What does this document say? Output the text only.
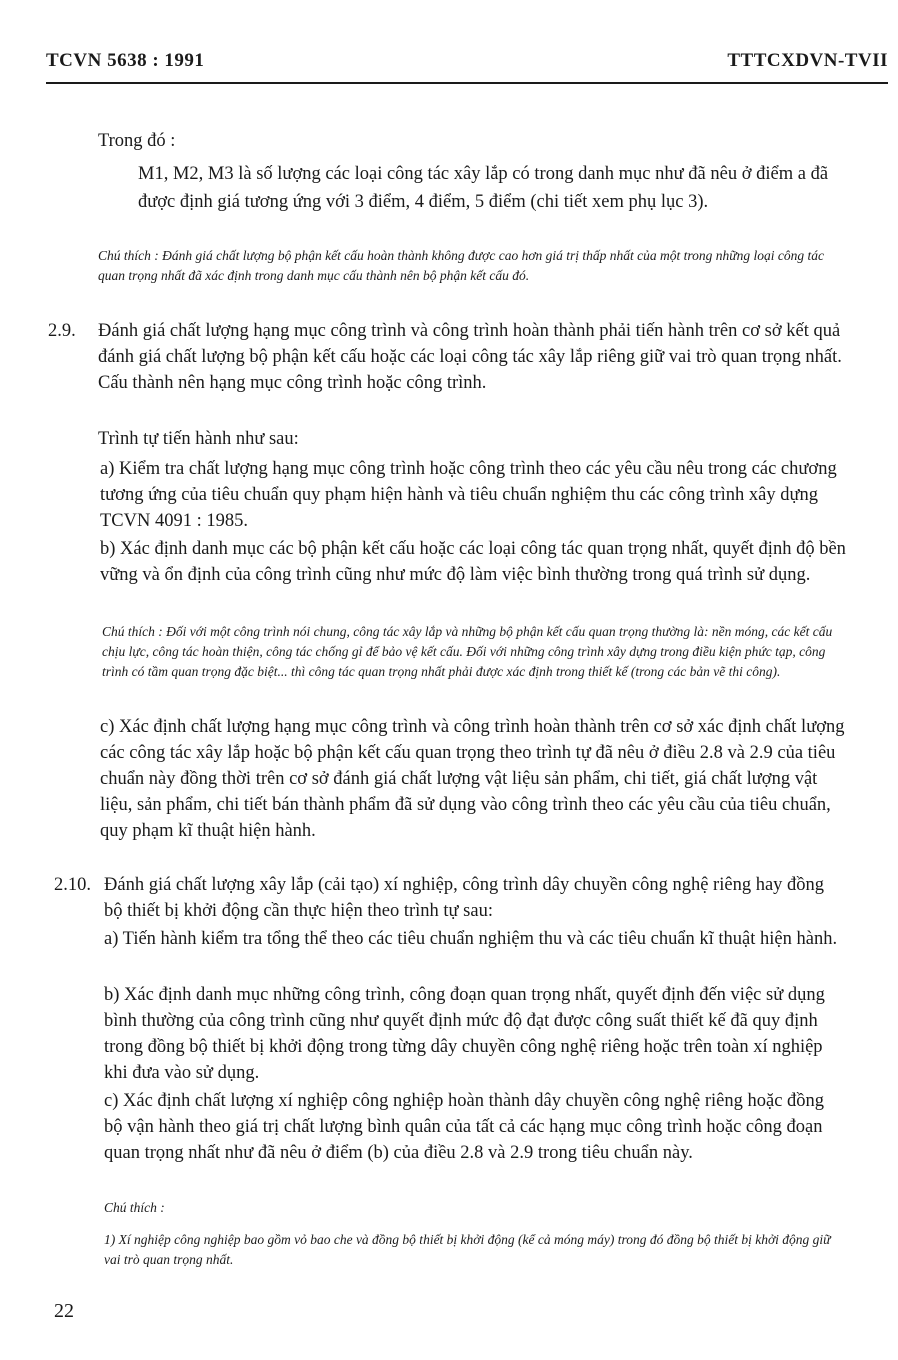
TCVN 5638 : 1991	TTTCXDVN-TVII
Trong đó :
M1, M2, M3 là số lượng các loại công tác xây lắp có trong danh mục như đã nêu ở điểm a đã được định giá tương ứng với 3 điểm, 4 điểm, 5 điểm (chi tiết xem phụ lục 3).
Chú thích : Đánh giá chất lượng bộ phận kết cấu hoàn thành không được cao hơn giá trị thấp nhất của một trong những loại công tác quan trọng nhất đã xác định trong danh mục cấu thành nên bộ phận kết cấu đó.
2.9. Đánh giá chất lượng hạng mục công trình và công trình hoàn thành phải tiến hành trên cơ sở kết quả đánh giá chất lượng bộ phận kết cấu hoặc các loại công tác xây lắp riêng giữ vai trò quan trọng nhất. Cấu thành nên hạng mục công trình hoặc công trình.
Trình tự tiến hành như sau:
a) Kiểm tra chất lượng hạng mục công trình hoặc công trình theo các yêu cầu nêu trong các chương tương ứng của tiêu chuẩn quy phạm hiện hành và tiêu chuẩn nghiệm thu các công trình xây dựng TCVN 4091 : 1985.
b) Xác định danh mục các bộ phận kết cấu hoặc các loại công tác quan trọng nhất, quyết định độ bền vững và ổn định của công trình cũng như mức độ làm việc bình thường trong quá trình sử dụng.
Chú thích : Đối với một công trình nói chung, công tác xây lắp và những bộ phận kết cấu quan trọng thường là: nền móng, các kết cấu chịu lực, công tác hoàn thiện, công tác chống gỉ để bảo vệ kết cấu. Đối với những công trình xây dựng trong điều kiện phức tạp, công trình có tầm quan trọng đặc biệt... thì công tác quan trọng nhất phải được xác định trong thiết kế (trong các bản vẽ thi công).
c) Xác định chất lượng hạng mục công trình và công trình hoàn thành trên cơ sở xác định chất lượng các công tác xây lắp hoặc bộ phận kết cấu quan trọng theo trình tự đã nêu ở điều 2.8 và 2.9 của tiêu chuẩn này đồng thời trên cơ sở đánh giá chất lượng vật liệu sản phẩm, chi tiết, giá chất lượng vật liệu, sản phẩm, chi tiết bán thành phẩm đã sử dụng vào công trình theo các yêu cầu của tiêu chuẩn, quy phạm kĩ thuật hiện hành.
2.10. Đánh giá chất lượng xây lắp (cải tạo) xí nghiệp, công trình dây chuyền công nghệ riêng hay đồng bộ thiết bị khởi động cần thực hiện theo trình tự sau:
a) Tiến hành kiểm tra tổng thể theo các tiêu chuẩn nghiệm thu và các tiêu chuẩn kĩ thuật hiện hành.
b) Xác định danh mục những công trình, công đoạn quan trọng nhất, quyết định đến việc sử dụng bình thường của công trình cũng như quyết định mức độ đạt được công suất thiết kế đã quy định trong đồng bộ thiết bị khởi động trong từng dây chuyền công nghệ riêng hoặc trên toàn xí nghiệp khi đưa vào sử dụng.
c) Xác định chất lượng xí nghiệp công nghiệp hoàn thành dây chuyền công nghệ riêng hoặc đồng bộ vận hành theo giá trị chất lượng bình quân của tất cả các hạng mục công trình hoặc công đoạn quan trọng nhất như đã nêu ở điểm (b) của điều 2.8 và 2.9 trong tiêu chuẩn này.
Chú thích :
1) Xí nghiệp công nghiệp bao gồm vỏ bao che và đồng bộ thiết bị khởi động (kể cả móng máy) trong đó đồng bộ thiết bị khởi động giữ vai trò quan trọng nhất.
22
